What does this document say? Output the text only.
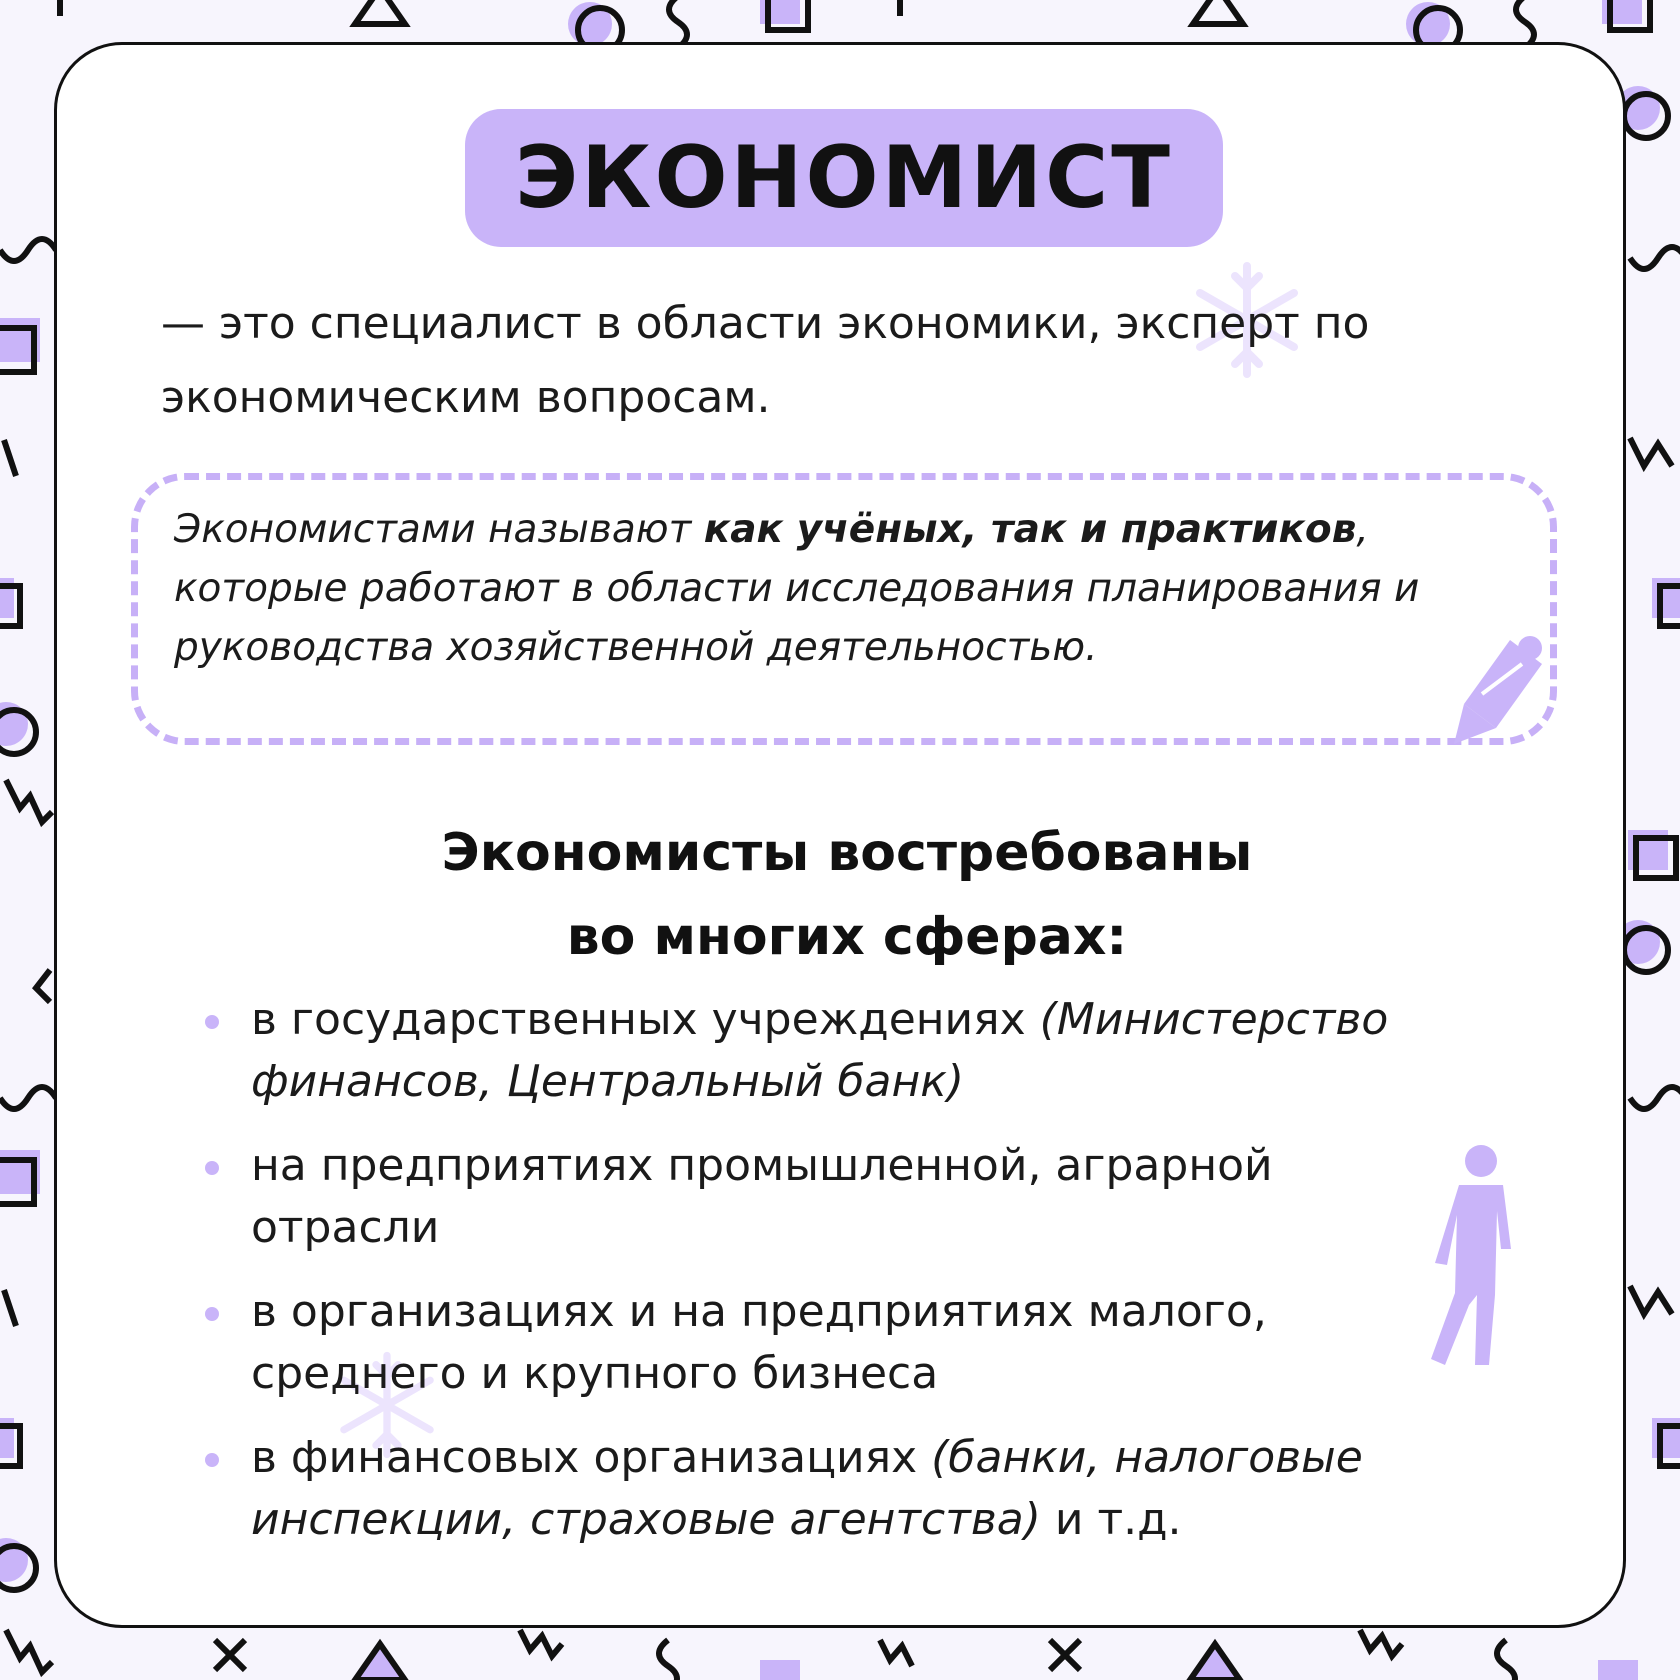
ЭКОНОМИСТ

— это специалист в области экономики, эксперт по экономическим вопросам.

Экономистами называют как учёных, так и практиков, которые работают в области исследования планирования и руководства хозяйственной деятельностью.

Экономисты востребованы
во многих сферах:

в государственных учреждениях (Министерство финансов, Центральный банк)
на предприятиях промышленной, аграрной отрасли
в организациях и на предприятиях малого, среднего и крупного бизнеса
в финансовых организациях (банки, налоговые инспекции, страховые агентства) и т.д.
